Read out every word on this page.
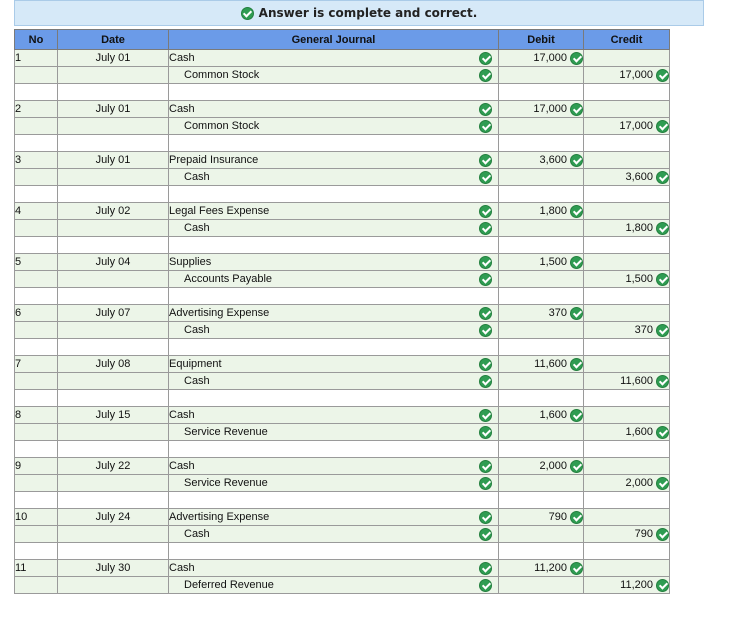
Answer is complete and correct.
No	Date	General Journal	Debit	Credit
1	July 01	Cash	17,000	

		Common Stock		17,000

2	July 01	Cash	17,000	

		Common Stock		17,000

3	July 01	Prepaid Insurance	3,600	

		Cash		3,600

4	July 02	Legal Fees Expense	1,800	

		Cash		1,800

5	July 04	Supplies	1,500	

		Accounts Payable		1,500

6	July 07	Advertising Expense	370	

		Cash		370

7	July 08	Equipment	11,600	

		Cash		11,600

8	July 15	Cash	1,600	

		Service Revenue		1,600

9	July 22	Cash	2,000	

		Service Revenue		2,000

10	July 24	Advertising Expense	790	

		Cash		790

11	July 30	Cash	11,200	

		Deferred Revenue		11,200
